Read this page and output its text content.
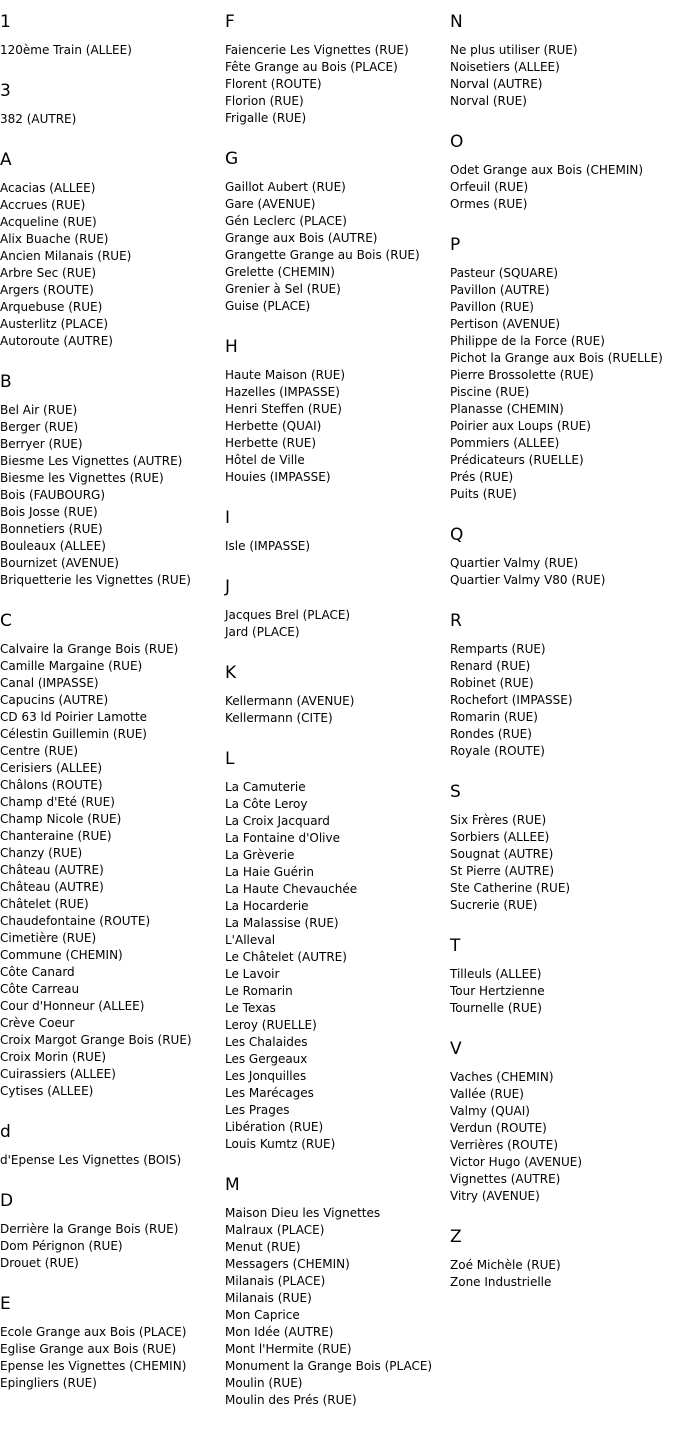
1
120ème Train (ALLEE)
3
382 (AUTRE)
A
Acacias (ALLEE)
Accrues (RUE)
Acqueline (RUE)
Alix Buache (RUE)
Ancien Milanais (RUE)
Arbre Sec (RUE)
Argers (ROUTE)
Arquebuse (RUE)
Austerlitz (PLACE)
Autoroute (AUTRE)
B
Bel Air (RUE)
Berger (RUE)
Berryer (RUE)
Biesme Les Vignettes (AUTRE)
Biesme les Vignettes (RUE)
Bois (FAUBOURG)
Bois Josse (RUE)
Bonnetiers (RUE)
Bouleaux (ALLEE)
Bournizet (AVENUE)
Briquetterie les Vignettes (RUE)
C
Calvaire la Grange Bois (RUE)
Camille Margaine (RUE)
Canal (IMPASSE)
Capucins (AUTRE)
CD 63 ld Poirier Lamotte
Célestin Guillemin (RUE)
Centre (RUE)
Cerisiers (ALLEE)
Châlons (ROUTE)
Champ d'Eté (RUE)
Champ Nicole (RUE)
Chanteraine (RUE)
Chanzy (RUE)
Château (AUTRE)
Château (AUTRE)
Châtelet (RUE)
Chaudefontaine (ROUTE)
Cimetière (RUE)
Commune (CHEMIN)
Côte Canard
Côte Carreau
Cour d'Honneur (ALLEE)
Crève Coeur
Croix Margot Grange Bois (RUE)
Croix Morin (RUE)
Cuirassiers (ALLEE)
Cytises (ALLEE)
d
d'Epense Les Vignettes (BOIS)
D
Derrière la Grange Bois (RUE)
Dom Pérignon (RUE)
Drouet (RUE)
E
Ecole Grange aux Bois (PLACE)
Eglise Grange aux Bois (RUE)
Epense les Vignettes (CHEMIN)
Epingliers (RUE)
F
Faiencerie Les Vignettes (RUE)
Fête Grange au Bois (PLACE)
Florent (ROUTE)
Florion (RUE)
Frigalle (RUE)
G
Gaillot Aubert (RUE)
Gare (AVENUE)
Gén Leclerc (PLACE)
Grange aux Bois (AUTRE)
Grangette Grange au Bois (RUE)
Grelette (CHEMIN)
Grenier à Sel (RUE)
Guise (PLACE)
H
Haute Maison (RUE)
Hazelles (IMPASSE)
Henri Steffen (RUE)
Herbette (QUAI)
Herbette (RUE)
Hôtel de Ville
Houies (IMPASSE)
I
Isle (IMPASSE)
J
Jacques Brel (PLACE)
Jard (PLACE)
K
Kellermann (AVENUE)
Kellermann (CITE)
L
La Camuterie
La Côte Leroy
La Croix Jacquard
La Fontaine d'Olive
La Grèverie
La Haie Guérin
La Haute Chevauchée
La Hocarderie
La Malassise (RUE)
L'Alleval
Le Châtelet (AUTRE)
Le Lavoir
Le Romarin
Le Texas
Leroy (RUELLE)
Les Chalaides
Les Gergeaux
Les Jonquilles
Les Marécages
Les Prages
Libération (RUE)
Louis Kumtz (RUE)
M
Maison Dieu les Vignettes
Malraux (PLACE)
Menut (RUE)
Messagers (CHEMIN)
Milanais (PLACE)
Milanais (RUE)
Mon Caprice
Mon Idée (AUTRE)
Mont l'Hermite (RUE)
Monument la Grange Bois (PLACE)
Moulin (RUE)
Moulin des Prés (RUE)
N
Ne plus utiliser (RUE)
Noisetiers (ALLEE)
Norval (AUTRE)
Norval (RUE)
O
Odet Grange aux Bois (CHEMIN)
Orfeuil (RUE)
Ormes (RUE)
P
Pasteur (SQUARE)
Pavillon (AUTRE)
Pavillon (RUE)
Pertison (AVENUE)
Philippe de la Force (RUE)
Pichot la Grange aux Bois (RUELLE)
Pierre Brossolette (RUE)
Piscine (RUE)
Planasse (CHEMIN)
Poirier aux Loups (RUE)
Pommiers (ALLEE)
Prédicateurs (RUELLE)
Prés (RUE)
Puits (RUE)
Q
Quartier Valmy (RUE)
Quartier Valmy V80 (RUE)
R
Remparts (RUE)
Renard (RUE)
Robinet (RUE)
Rochefort (IMPASSE)
Romarin (RUE)
Rondes (RUE)
Royale (ROUTE)
S
Six Frères (RUE)
Sorbiers (ALLEE)
Sougnat (AUTRE)
St Pierre (AUTRE)
Ste Catherine (RUE)
Sucrerie (RUE)
T
Tilleuls (ALLEE)
Tour Hertzienne
Tournelle (RUE)
V
Vaches (CHEMIN)
Vallée (RUE)
Valmy (QUAI)
Verdun (ROUTE)
Verrières (ROUTE)
Victor Hugo (AVENUE)
Vignettes (AUTRE)
Vitry (AVENUE)
Z
Zoé Michèle (RUE)
Zone Industrielle
